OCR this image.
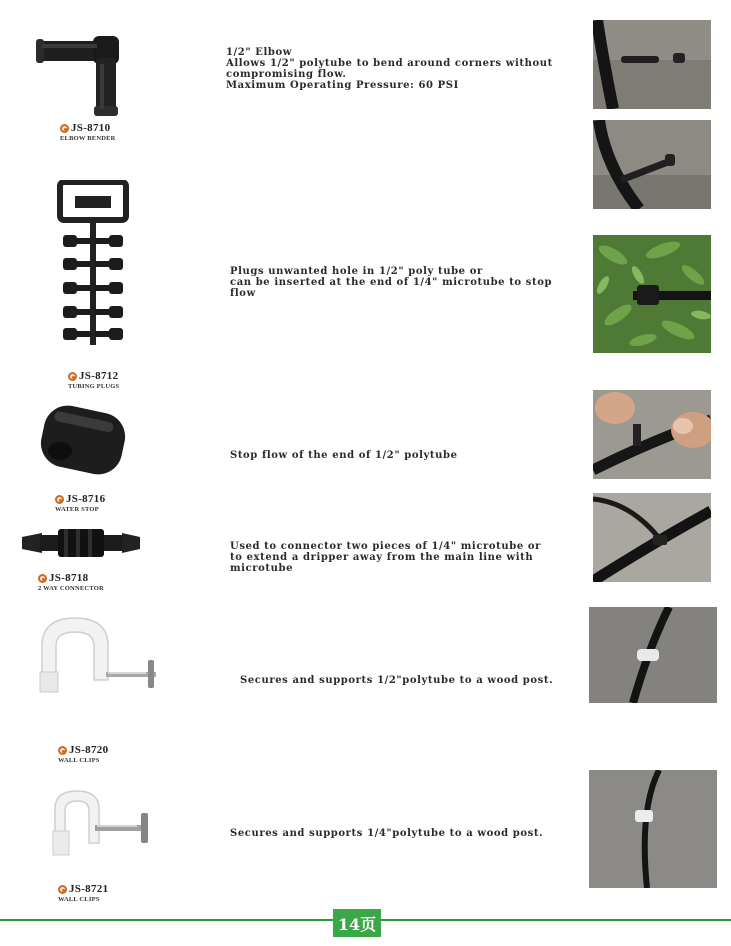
JS-8710
ELBOW BENDER
JS-8712
TUBING PLUGS
JS-8716
WATER STOP
JS-8718
2 WAY CONNECTOR
JS-8720
WALL CLIPS
JS-8721
WALL CLIPS
1/2" Elbow
Allows 1/2" polytube to bend around corners without
compromising flow.
Maximum Operating Pressure: 60 PSI
Plugs unwanted hole in 1/2" poly tube or
can be inserted at the end of 1/4" microtube to stop flow
Stop flow of the end of 1/2" polytube
Used to connector two pieces of 1/4" microtube or
to extend a dripper away from the main line with microtube
Secures and supports 1/2"polytube to a wood post.
Secures and supports 1/4"polytube to a wood post.
14页
